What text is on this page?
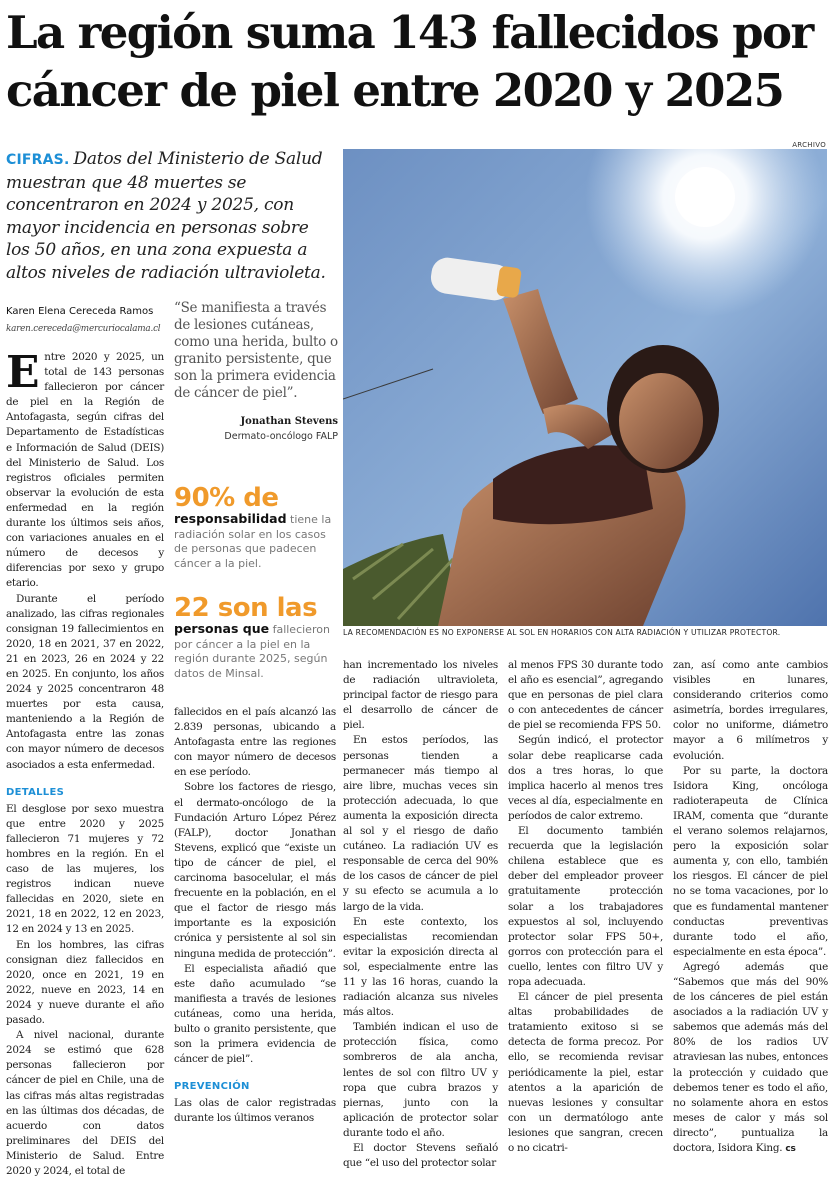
La región suma 143 fallecidos por
cáncer de piel entre 2020 y 2025
ARCHIVO

CIFRAS. Datos del Ministerio de Salud muestran que 48 muertes se concentraron en 2024 y 2025, con mayor incidencia en personas sobre los 50 años, en una zona expuesta a altos niveles de radiación ultravioleta.

Karen Elena Cereceda Ramos
karen.cereceda@mercuriocalama.cl

“Se manifiesta a través de lesiones cutáneas, como una herida, bulto o granito persistente, que son la primera evidencia de cáncer de piel”.

Jonathan Stevens
Dermato-oncólogo FALP
90% de
responsabilidad tiene la radiación solar en los casos de personas que padecen cáncer a la piel.
22 son las
personas que fallecieron por cáncer a la piel en la región durante 2025, según datos de Minsal.
LA RECOMENDACIÓN ES NO EXPONERSE AL SOL EN HORARIOS CON ALTA RADIACIÓN Y UTILIZAR PROTECTOR.

Entre 2020 y 2025, un total de 143 personas fallecieron por cáncer de piel en la Región de Antofagasta, según cifras del Departamento de Estadísticas e Información de Salud (DEIS) del Ministerio de Salud. Los registros oficiales permiten observar la evolución de esta enfermedad en la región durante los últimos seis años, con variaciones anuales en el número de decesos y diferencias por sexo y grupo etario.

Durante el período analizado, las cifras regionales consignan 19 fallecimientos en 2020, 18 en 2021, 37 en 2022, 21 en 2023, 26 en 2024 y 22 en 2025. En conjunto, los años 2024 y 2025 concentraron 48 muertes por esta causa, manteniendo a la Región de Antofagasta entre las zonas con mayor número de decesos asociados a esta enfermedad.

DETALLES

El desglose por sexo muestra que entre 2020 y 2025 fallecieron 71 mujeres y 72 hombres en la región. En el caso de las mujeres, los registros indican nueve fallecidas en 2020, siete en 2021, 18 en 2022, 12 en 2023, 12 en 2024 y 13 en 2025.

En los hombres, las cifras consignan diez fallecidos en 2020, once en 2021, 19 en 2022, nueve en 2023, 14 en 2024 y nueve durante el año pasado.

A nivel nacional, durante 2024 se estimó que 628 personas fallecieron por cáncer de piel en Chile, una de las cifras más altas registradas en las últimas dos décadas, de acuerdo con datos preliminares del DEIS del Ministerio de Salud. Entre 2020 y 2024, el total de

fallecidos en el país alcanzó las 2.839 personas, ubicando a Antofagasta entre las regiones con mayor número de decesos en ese período.

Sobre los factores de riesgo, el dermato-oncólogo de la Fundación Arturo López Pérez (FALP), doctor Jonathan Stevens, explicó que “existe un tipo de cáncer de piel, el carcinoma basocelular, el más frecuente en la población, en el que el factor de riesgo más importante es la exposición crónica y persistente al sol sin ninguna medida de protección”.

El especialista añadió que este daño acumulado “se manifiesta a través de lesiones cutáneas, como una herida, bulto o granito persistente, que son la primera evidencia de cáncer de piel”.

PREVENCIÓN

Las olas de calor registradas durante los últimos veranos

han incrementado los niveles de radiación ultravioleta, principal factor de riesgo para el desarrollo de cáncer de piel.

En estos períodos, las personas tienden a permanecer más tiempo al aire libre, muchas veces sin protección adecuada, lo que aumenta la exposición directa al sol y el riesgo de daño cutáneo. La radiación UV es responsable de cerca del 90% de los casos de cáncer de piel y su efecto se acumula a lo largo de la vida.

En este contexto, los especialistas recomiendan evitar la exposición directa al sol, especialmente entre las 11 y las 16 horas, cuando la radiación alcanza sus niveles más altos.

También indican el uso de protección física, como sombreros de ala ancha, lentes de sol con filtro UV y ropa que cubra brazos y piernas, junto con la aplicación de protector solar durante todo el año.

El doctor Stevens señaló que “el uso del protector solar

al menos FPS 30 durante todo el año es esencial”, agregando que en personas de piel clara o con antecedentes de cáncer de piel se recomienda FPS 50.

Según indicó, el protector solar debe reaplicarse cada dos a tres horas, lo que implica hacerlo al menos tres veces al día, especialmente en períodos de calor extremo.

El documento también recuerda que la legislación chilena establece que es deber del empleador proveer gratuitamente protección solar a los trabajadores expuestos al sol, incluyendo protector solar FPS 50+, gorros con protección para el cuello, lentes con filtro UV y ropa adecuada.

El cáncer de piel presenta altas probabilidades de tratamiento exitoso si se detecta de forma precoz. Por ello, se recomienda revisar periódicamente la piel, estar atentos a la aparición de nuevas lesiones y consultar con un dermatólogo ante lesiones que sangran, crecen o no cicatri-

zan, así como ante cambios visibles en lunares, considerando criterios como asimetría, bordes irregulares, color no uniforme, diámetro mayor a 6 milímetros y evolución.

Por su parte, la doctora Isidora King, oncóloga radioterapeuta de Clínica IRAM, comenta que “durante el verano solemos relajarnos, pero la exposición solar aumenta y, con ello, también los riesgos. El cáncer de piel no se toma vacaciones, por lo que es fundamental mantener conductas preventivas durante todo el año, especialmente en esta época”.

Agregó además que “Sabemos que más del 90% de los cánceres de piel están asociados a la radiación UV y sabemos que además más del 80% de los radios UV atraviesan las nubes, entonces la protección y cuidado que debemos tener es todo el año, no solamente ahora en estos meses de calor y más sol directo”, puntualiza la doctora, Isidora King. cs
